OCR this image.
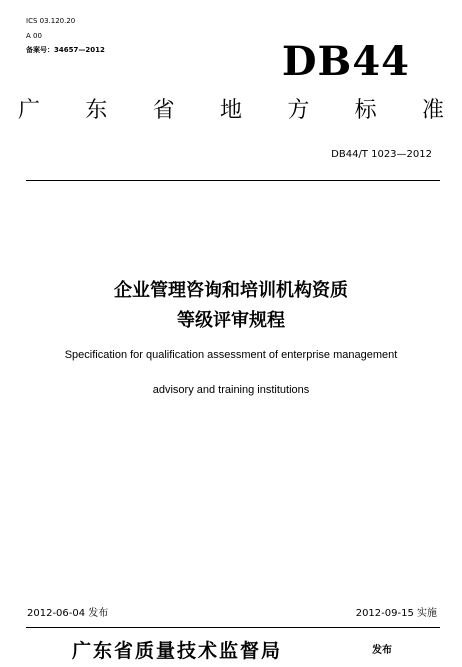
ICS 03.120.20
A 00
备案号：34657—2012	DB44
广 东 省 地 方 标 准
DB44/T 1023—2012
企业管理咨询和培训机构资质
等级评审规程
Specification for qualification assessment of enterprise management
advisory and training institutions
2012-06-04 发布	2012-09-15 实施
广东省质量技术监督局	发布
